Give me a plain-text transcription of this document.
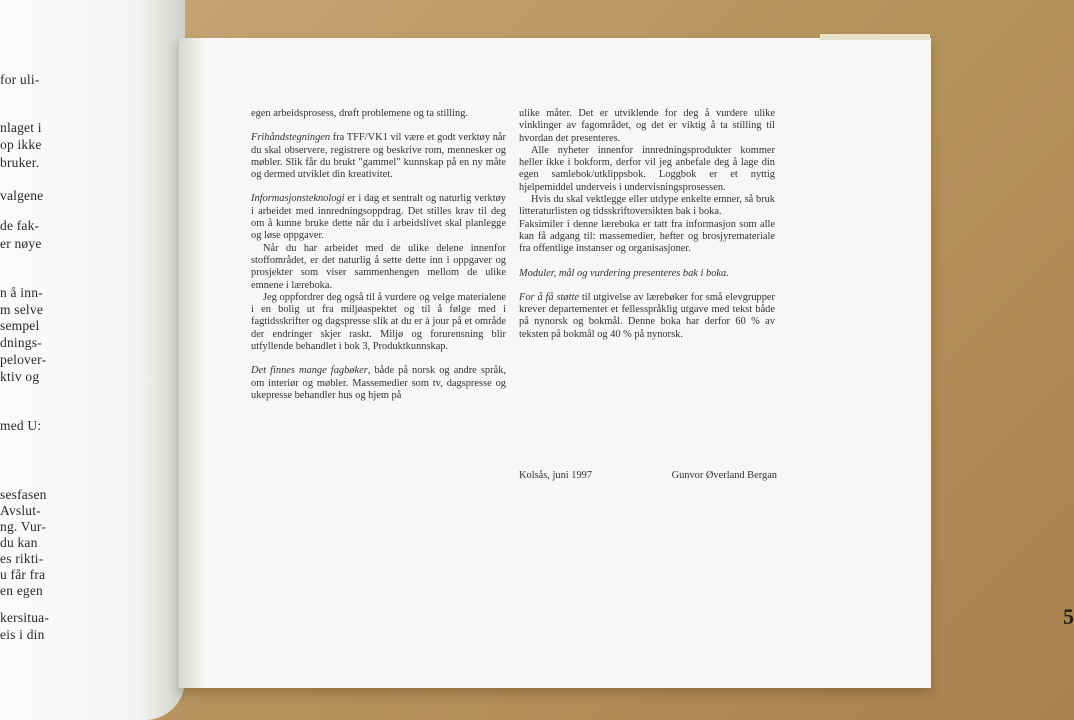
for uli-
nlaget i
op ikke
bruker.
valgene
de fak-
er nøye
n å inn-
m selve
sempel
dnings-
pelover-
ktiv og
med U:
sesfasen
Avslut-
ng. Vur-
du kan
es rikti-
u får fra
en egen
kersitua-
eis i din

egen arbeidsprosess, drøft problemene og ta stilling.

Frihåndstegningen fra TFF/VK1 vil være et godt verktøy når du skal observere, registrere og beskrive rom, mennesker og møbler. Slik får du brukt "gammel" kunnskap på en ny måte og dermed utviklet din kreativitet.

Informasjonsteknologi er i dag et sentralt og naturlig verktøy i arbeidet med innredningsoppdrag. Det stilles krav til deg om å kunne bruke dette når du i arbeidslivet skal planlegge og løse oppgaver.

Når du har arbeidet med de ulike delene innenfor stoffområdet, er det naturlig å sette dette inn i oppgaver og prosjekter som viser sammenhengen mellom de ulike emnene i læreboka.

Jeg oppfordrer deg også til å vurdere og velge materialene i en bolig ut fra miljøaspektet og til å følge med i fagtidsskrifter og dagspresse slik at du er à jour på et område der endringer skjer raskt. Miljø og forurensning blir utfyllende behandlet i bok 3, Produktkunnskap.

Det finnes mange fagbøker, både på norsk og andre språk, om interiør og møbler. Massemedier som tv, dagspresse og ukepresse behandler hus og hjem på

ulike måter. Det er utviklende for deg å vurdere ulike vinklinger av fagområdet, og det er viktig å ta stilling til hvordan det presenteres.

Alle nyheter innenfor innredningsprodukter kommer heller ikke i bokform, derfor vil jeg anbefale deg å lage din egen samlebok/utklippsbok. Loggbok er et nyttig hjelpemiddel underveis i undervisningsprosessen.

Hvis du skal vektlegge eller utdype enkelte emner, så bruk litteraturlisten og tidsskriftoversikten bak i boka.

Faksimiler i denne læreboka er tatt fra informasjon som alle kan få adgang til: massemedier, hefter og brosjyremateriale fra offentlige instanser og organisasjoner.

Moduler, mål og vurdering presenteres bak i boka.

For å få støtte til utgivelse av lærebøker for små elevgrupper krever departementet et fellesspråklig utgave med tekst både på nynorsk og bokmål. Denne boka har derfor 60 % av teksten på bokmål og 40 % på nynorsk.

Kolsås, juni 1997	Gunvor Øverland Bergan
5
